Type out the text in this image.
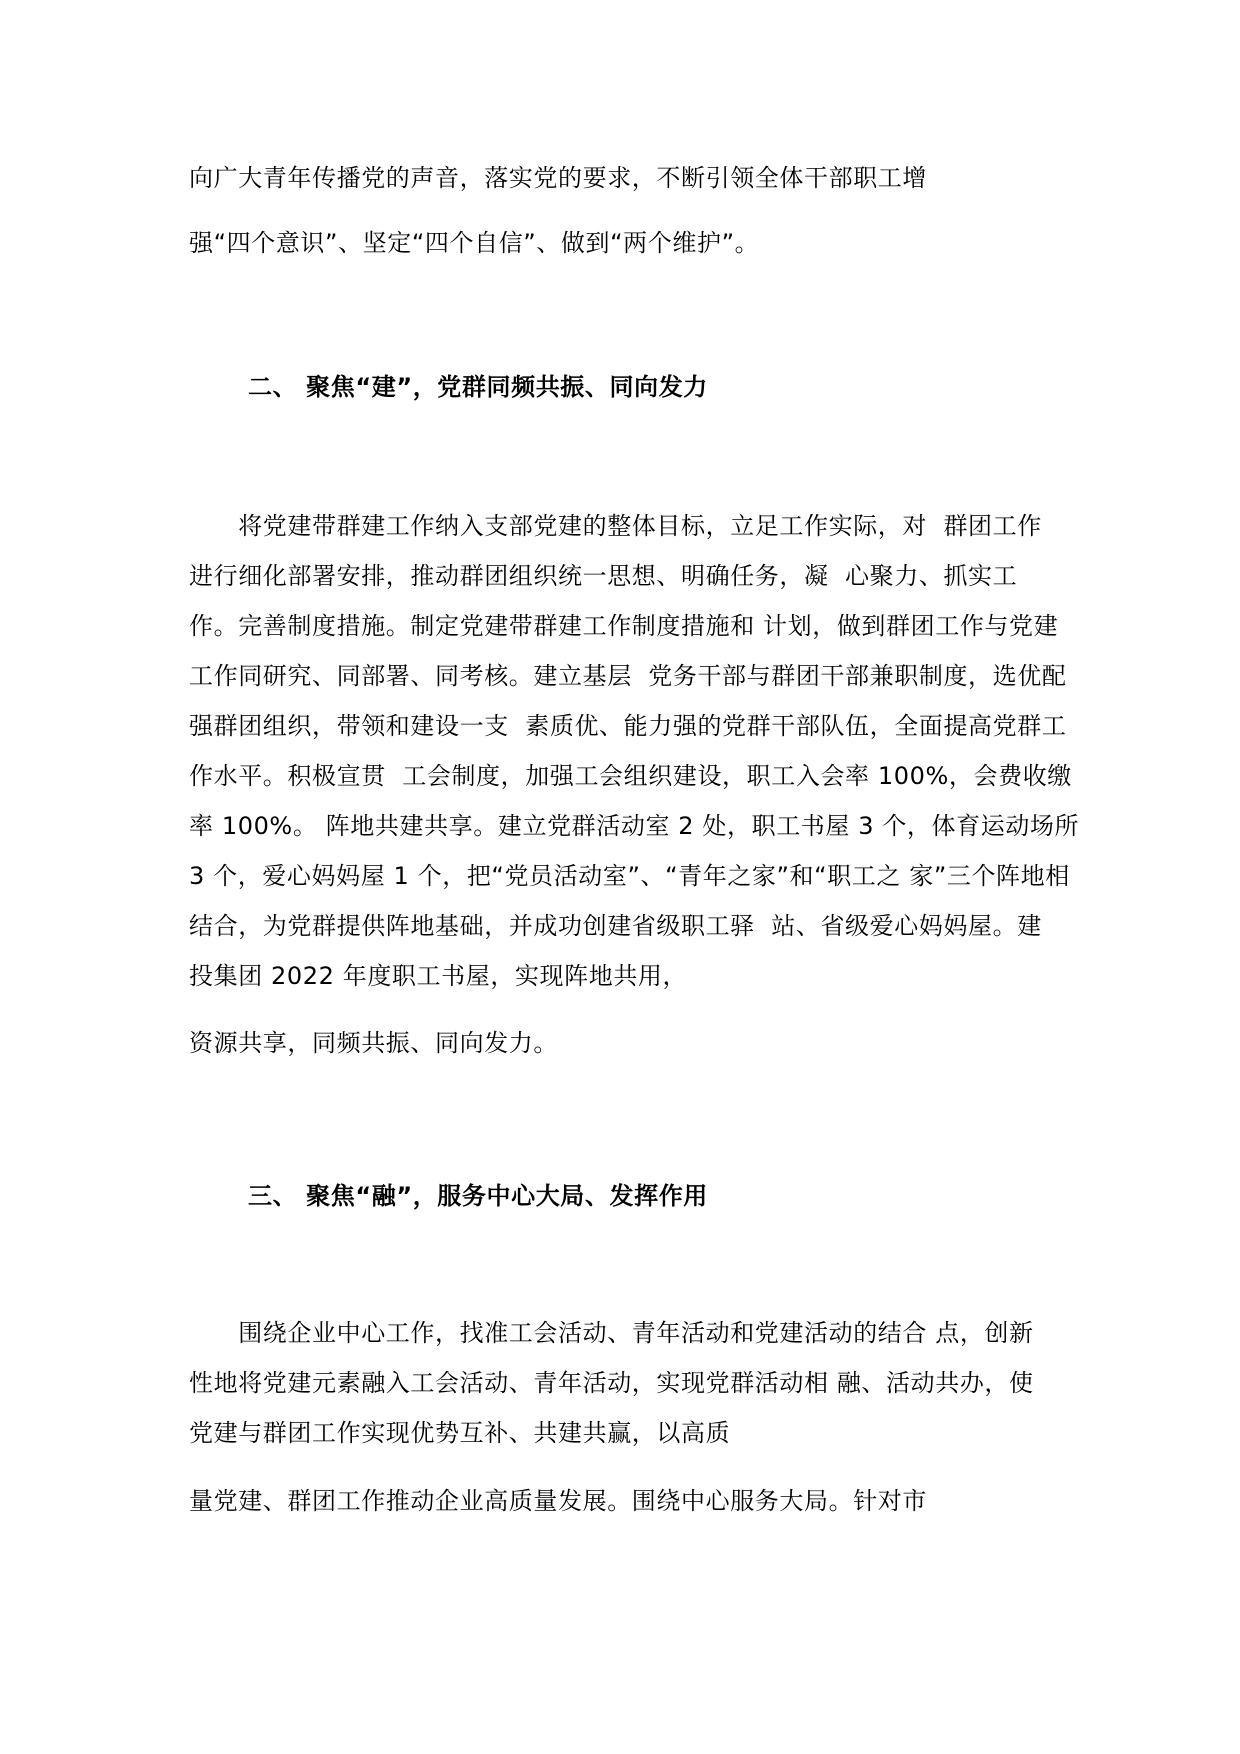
向广大青年传播党的声音，落实党的要求，不断引领全体干部职工增
强“四个意识”、坚定“四个自信”、做到“两个维护”。
二、 聚焦“建”，党群同频共振、同向发力
　　将党建带群建工作纳入支部党建的整体目标，立足工作实际，对  群团工作
进行细化部署安排，推动群团组织统一思想、明确任务，凝  心聚力、抓实工
作。完善制度措施。制定党建带群建工作制度措施和 计划，做到群团工作与党建
工作同研究、同部署、同考核。建立基层  党务干部与群团干部兼职制度，选优配
强群团组织，带领和建设一支  素质优、能力强的党群干部队伍，全面提高党群工
作水平。积极宣贯  工会制度，加强工会组织建设，职工入会率 100%，会费收缴
率 100%。 阵地共建共享。建立党群活动室 2 处，职工书屋 3 个，体育运动场所
3 个，爱心妈妈屋 1 个，把“党员活动室”、“青年之家”和“职工之 家”三个阵地相
结合，为党群提供阵地基础，并成功创建省级职工驿  站、省级爱心妈妈屋。建
投集团 2022 年度职工书屋，实现阵地共用，
资源共享，同频共振、同向发力。
三、 聚焦“融”，服务中心大局、发挥作用
　　围绕企业中心工作，找准工会活动、青年活动和党建活动的结合 点，创新
性地将党建元素融入工会活动、青年活动，实现党群活动相 融、活动共办，使
党建与群团工作实现优势互补、共建共赢，以高质
量党建、群团工作推动企业高质量发展。围绕中心服务大局。针对市
